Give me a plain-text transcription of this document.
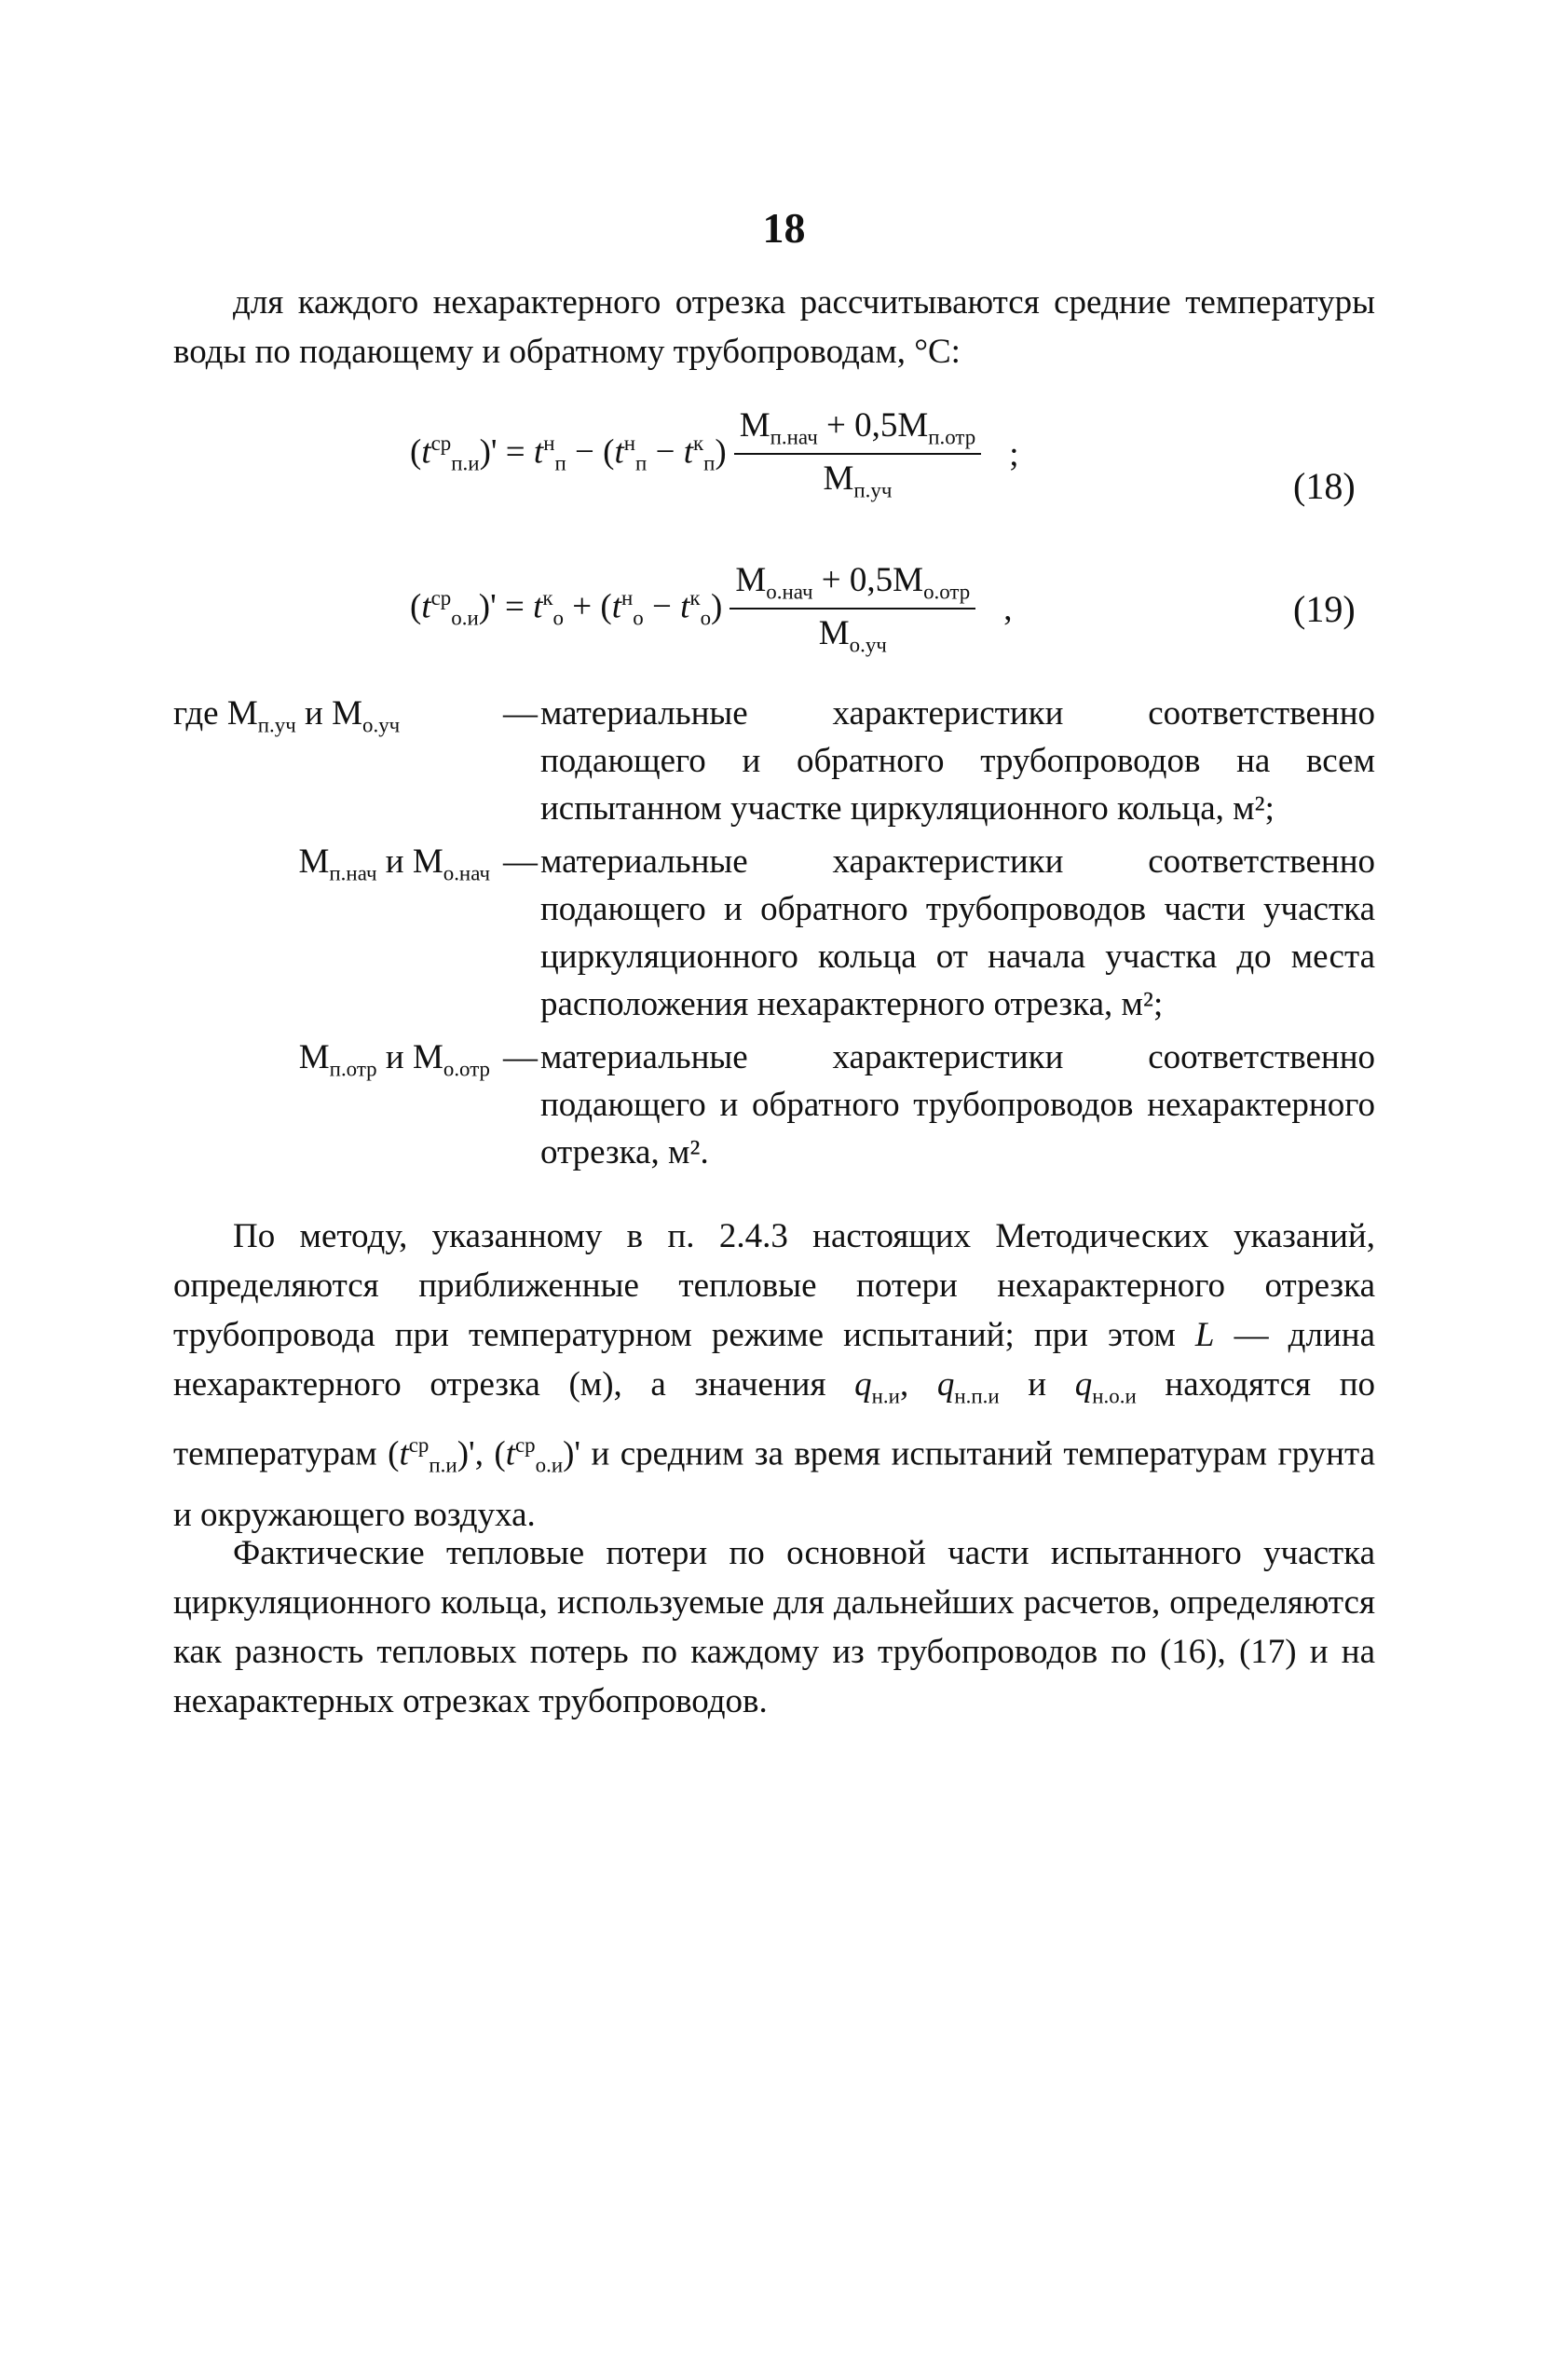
18

для каждого нехарактерного отрезка рассчитываются средние температуры воды по подающему и обратному трубопроводам, °С:

$(t^{ср}_{п.и})' = t^н_п - (t^н_п - t^к_п) \frac{М_{п.нач} + 0,5М_{п.отр}}{М_{п.уч}}$ ;
(18)
$(t^{ср}_{о.и})' = t^к_о + (t^н_о - t^к_о) \frac{М_{о.нач} + 0,5М_{о.отр}}{М_{о.уч}}$ ,	(19)
где $М_{п.уч}$ и $М_{о.уч}$	— материальные характеристики соответственно подающего и обратного трубопроводов на всем испытанном участке циркуляционного кольца, м²;
$М_{п.нач}$ и $М_{о.нач}$ — материальные характеристики соответственно подающего и обратного трубопроводов части участка циркуляционного кольца от начала участка до места расположения нехарактерного отрезка, м²;
$М_{п.отр}$ и $М_{о.отр}$ — материальные характеристики соответственно подающего и обратного трубопроводов нехарактерного отрезка, м².

По методу, указанному в п. 2.4.3 настоящих Методических указаний, определяются приближенные тепловые потери нехарактерного отрезка трубопровода при температурном режиме испытаний; при этом L — длина нехарактерного отрезка (м), а значения $q_{н.и}$, $q_{н.п.и}$ и $q_{н.о.и}$ находятся по температурам $(t^{ср}_{п.и})'$, $(t^{ср}_{о.и})'$ и средним за время испытаний температурам грунта и окружающего воздуха.

Фактические тепловые потери по основной части испытанного участка циркуляционного кольца, используемые для дальнейших расчетов, определяются как разность тепловых потерь по каждому из трубопроводов по (16), (17) и на нехарактерных отрезках трубопроводов.
